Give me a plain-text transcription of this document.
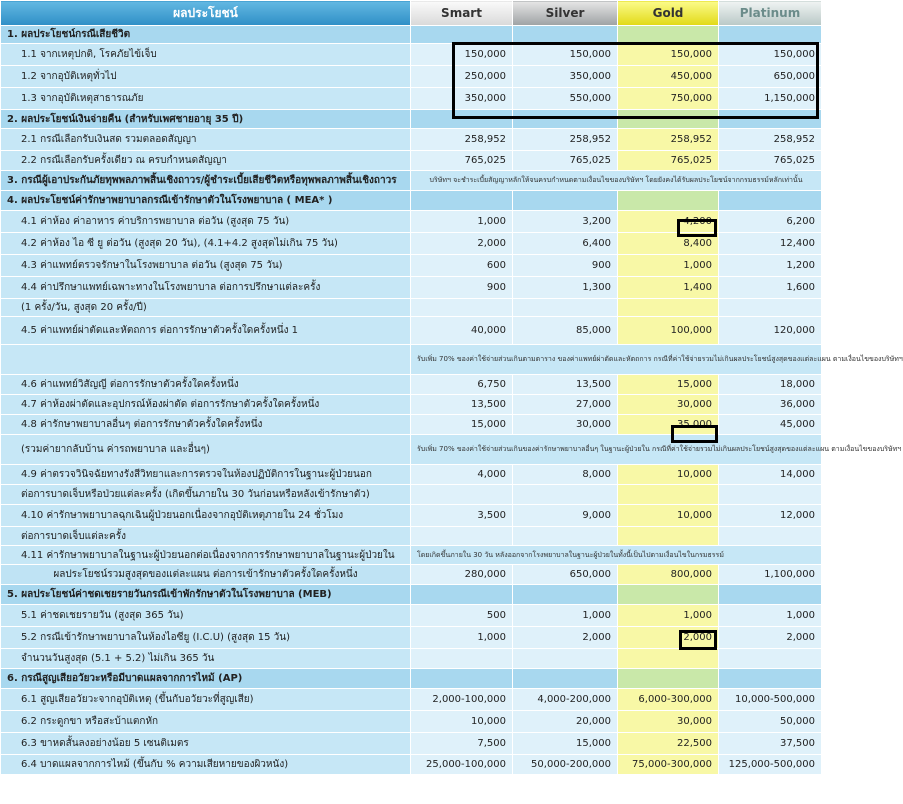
ผลประโยชน์	Smart	Silver	Gold	Platinum
1. ผลประโยชน์กรณีเสียชีวิต				
1.1 จากเหตุปกติ, โรคภัยไข้เจ็บ	150,000	150,000	150,000	150,000
1.2 จากอุบัติเหตุทั่วไป	250,000	350,000	450,000	650,000
1.3 จากอุบัติเหตุสาธารณภัย	350,000	550,000	750,000	1,150,000
2. ผลประโยชน์เงินจ่ายคืน (สำหรับเพศชายอายุ 35 ปี)				
2.1 กรณีเลือกรับเงินสด รวมตลอดสัญญา	258,952	258,952	258,952	258,952
2.2 กรณีเลือกรับครั้งเดียว ณ ครบกำหนดสัญญา	765,025	765,025	765,025	765,025
3. กรณีผู้เอาประกันภัยทุพพลภาพสิ้นเชิงถาวร/ผู้ชำระเบี้ยเสียชีวิตหรือทุพพลภาพสิ้นเชิงถาวร	บริษัทฯ จะชำระเบี้ยสัญญาหลักให้จนครบกำหนดตามเงื่อนไขของบริษัทฯ โดยยังคงได้รับผลประโยชน์จากกรมธรรม์หลักเท่านั้น			
4. ผลประโยชน์ค่ารักษาพยาบาลกรณีเข้ารักษาตัวในโรงพยาบาล ( MEA* )				
4.1 ค่าห้อง ค่าอาหาร ค่าบริการพยาบาล ต่อวัน (สูงสุด 75 วัน)	1,000	3,200	4,200	6,200
4.2 ค่าห้อง ไอ ซี ยู ต่อวัน (สูงสุด 20 วัน), (4.1+4.2 สูงสุดไม่เกิน 75 วัน)	2,000	6,400	8,400	12,400
4.3 ค่าแพทย์ตรวจรักษาในโรงพยาบาล ต่อวัน (สูงสุด 75 วัน)	600	900	1,000	1,200
4.4 ค่าปรึกษาแพทย์เฉพาะทางในโรงพยาบาล ต่อการปรึกษาแต่ละครั้ง	900	1,300	1,400	1,600
(1 ครั้ง/วัน, สูงสุด 20 ครั้ง/ปี)				
4.5 ค่าแพทย์ผ่าตัดและหัตถการ ต่อการรักษาตัวครั้งใดครั้งหนึ่ง 1	40,000	85,000	100,000	120,000
	รับเพิ่ม 70% ของค่าใช้จ่ายส่วนเกินตามตาราง ของค่าแพทย์ผ่าตัดและหัตถการ กรณีที่ค่าใช้จ่ายรวมไม่เกินผลประโยชน์สูงสุดของแต่ละแผน ตามเงื่อนไขของบริษัทฯ			
4.6 ค่าแพทย์วิสัญญี ต่อการรักษาตัวครั้งใดครั้งหนึ่ง	6,750	13,500	15,000	18,000
4.7 ค่าห้องผ่าตัดและอุปกรณ์ห้องผ่าตัด ต่อการรักษาตัวครั้งใดครั้งหนึ่ง	13,500	27,000	30,000	36,000
4.8 ค่ารักษาพยาบาลอื่นๆ ต่อการรักษาตัวครั้งใดครั้งหนึ่ง	15,000	30,000	35,000	45,000
(รวมค่ายากลับบ้าน ค่ารถพยาบาล และอื่นๆ)	รับเพิ่ม 70% ของค่าใช้จ่ายส่วนเกินของค่ารักษาพยาบาลอื่นๆ ในฐานะผู้ป่วยใน กรณีที่ค่าใช้จ่ายรวมไม่เกินผลประโยชน์สูงสุดของแต่ละแผน ตามเงื่อนไขของบริษัทฯ			
4.9 ค่าตรวจวินิจฉัยทางรังสีวิทยาและการตรวจในห้องปฏิบัติการในฐานะผู้ป่วยนอก	4,000	8,000	10,000	14,000
ต่อการบาดเจ็บหรือป่วยแต่ละครั้ง (เกิดขึ้นภายใน 30 วันก่อนหรือหลังเข้ารักษาตัว)				
4.10 ค่ารักษาพยาบาลฉุกเฉินผู้ป่วยนอกเนื่องจากอุบัติเหตุภายใน 24 ชั่วโมง	3,500	9,000	10,000	12,000
ต่อการบาดเจ็บแต่ละครั้ง				
4.11 ค่ารักษาพยาบาลในฐานะผู้ป่วยนอกต่อเนื่องจากการรักษาพยาบาลในฐานะผู้ป่วยใน	โดยเกิดขึ้นภายใน 30 วัน หลังออกจากโรงพยาบาลในฐานะผู้ป่วยในทั้งนี้เป็นไปตามเงื่อนไขในกรมธรรม์			
ผลประโยชน์รวมสูงสุดของแต่ละแผน ต่อการเข้ารักษาตัวครั้งใดครั้งหนึ่ง	280,000	650,000	800,000	1,100,000
5. ผลประโยชน์ค่าชดเชยรายวันกรณีเข้าพักรักษาตัวในโรงพยาบาล (MEB)				
5.1 ค่าชดเชยรายวัน (สูงสุด 365 วัน)	500	1,000	1,000	1,000
5.2 กรณีเข้ารักษาพยาบาลในห้องไอซียู (I.C.U) (สูงสุด 15 วัน)	1,000	2,000	2,000	2,000
จำนวนวันสูงสุด (5.1 + 5.2) ไม่เกิน 365 วัน				
6. กรณีสูญเสียอวัยวะหรือมีบาดแผลจากการไหม้ (AP)				
6.1 สูญเสียอวัยวะจากอุบัติเหตุ (ขึ้นกับอวัยวะที่สูญเสีย)	2,000-100,000	4,000-200,000	6,000-300,000	10,000-500,000
6.2 กระดูกขา หรือสะบ้าแตกหัก	10,000	20,000	30,000	50,000
6.3 ขาหดสั้นลงอย่างน้อย 5 เซนติเมตร	7,500	15,000	22,500	37,500
6.4 บาดแผลจากการไหม้ (ขึ้นกับ % ความเสียหายของผิวหนัง)	25,000-100,000	50,000-200,000	75,000-300,000	125,000-500,000
